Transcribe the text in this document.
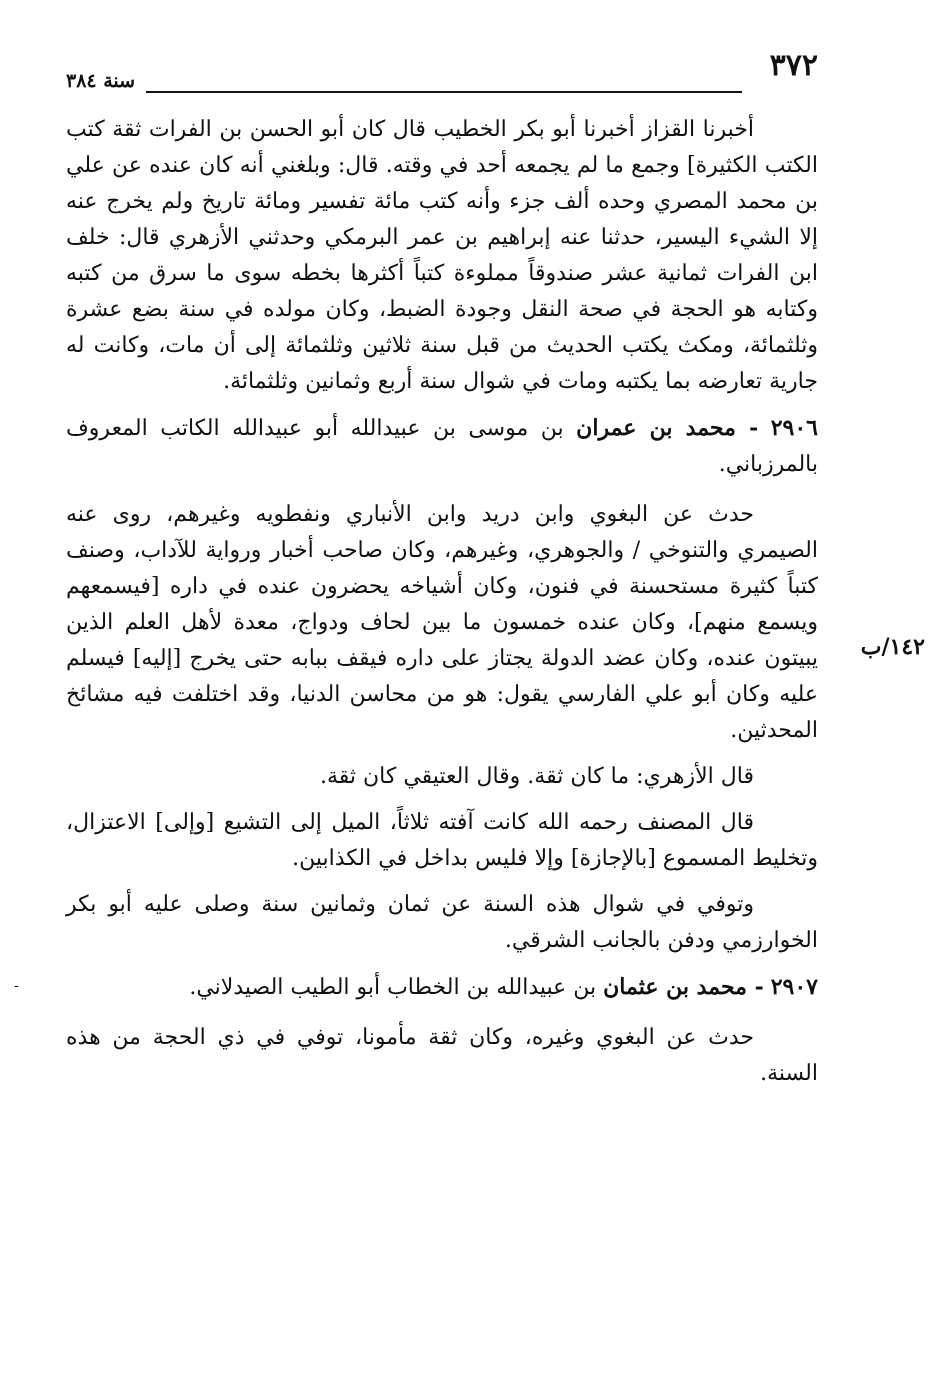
٣٧٢
سنة ٣٨٤
١٤٢/ب
-

أخبرنا القزاز أخبرنا أبو بكر الخطيب قال كان أبو الحسن بن الفرات ثقة كتب الكتب الكثيرة] وجمع ما لم يجمعه أحد في وقته. قال: وبلغني أنه كان عنده عن علي بن محمد المصري وحده ألف جزء وأنه كتب مائة تفسير ومائة تاريخ ولم يخرج عنه إلا الشيء اليسير، حدثنا عنه إبراهيم بن عمر البرمكي وحدثني الأزهري قال: خلف ابن الفرات ثمانية عشر صندوقاً مملوءة كتباً أكثرها بخطه سوى ما سرق من كتبه وكتابه هو الحجة في صحة النقل وجودة الضبط، وكان مولده في سنة بضع عشرة وثلثمائة، ومكث يكتب الحديث من قبل سنة ثلاثين وثلثمائة إلى أن مات، وكانت له جارية تعارضه بما يكتبه ومات في شوال سنة أربع وثمانين وثلثمائة.

٢٩٠٦ - محمد بن عمران بن موسى بن عبيدالله أبو عبيدالله الكاتب المعروف بالمرزباني.

حدث عن البغوي وابن دريد وابن الأنباري ونفطويه وغيرهم، روى عنه الصيمري والتنوخي / والجوهري، وغيرهم، وكان صاحب أخبار ورواية للآداب، وصنف كتباً كثيرة مستحسنة في فنون، وكان أشياخه يحضرون عنده في داره [فيسمعهم ويسمع منهم]، وكان عنده خمسون ما بين لحاف ودواج، معدة لأهل العلم الذين يبيتون عنده، وكان عضد الدولة يجتاز على داره فيقف ببابه حتى يخرج [إليه] فيسلم عليه وكان أبو علي الفارسي يقول: هو من محاسن الدنيا، وقد اختلفت فيه مشائخ المحدثين.

قال الأزهري: ما كان ثقة. وقال العتيقي كان ثقة.

قال المصنف رحمه الله كانت آفته ثلاثاً، الميل إلى التشيع [وإلى] الاعتزال، وتخليط المسموع [بالإجازة] وإلا فليس بداخل في الكذابين.

وتوفي في شوال هذه السنة عن ثمان وثمانين سنة وصلى عليه أبو بكر الخوارزمي ودفن بالجانب الشرقي.

٢٩٠٧ - محمد بن عثمان بن عبيدالله بن الخطاب أبو الطيب الصيدلاني.

حدث عن البغوي وغيره، وكان ثقة مأمونا، توفي في ذي الحجة من هذه السنة.
